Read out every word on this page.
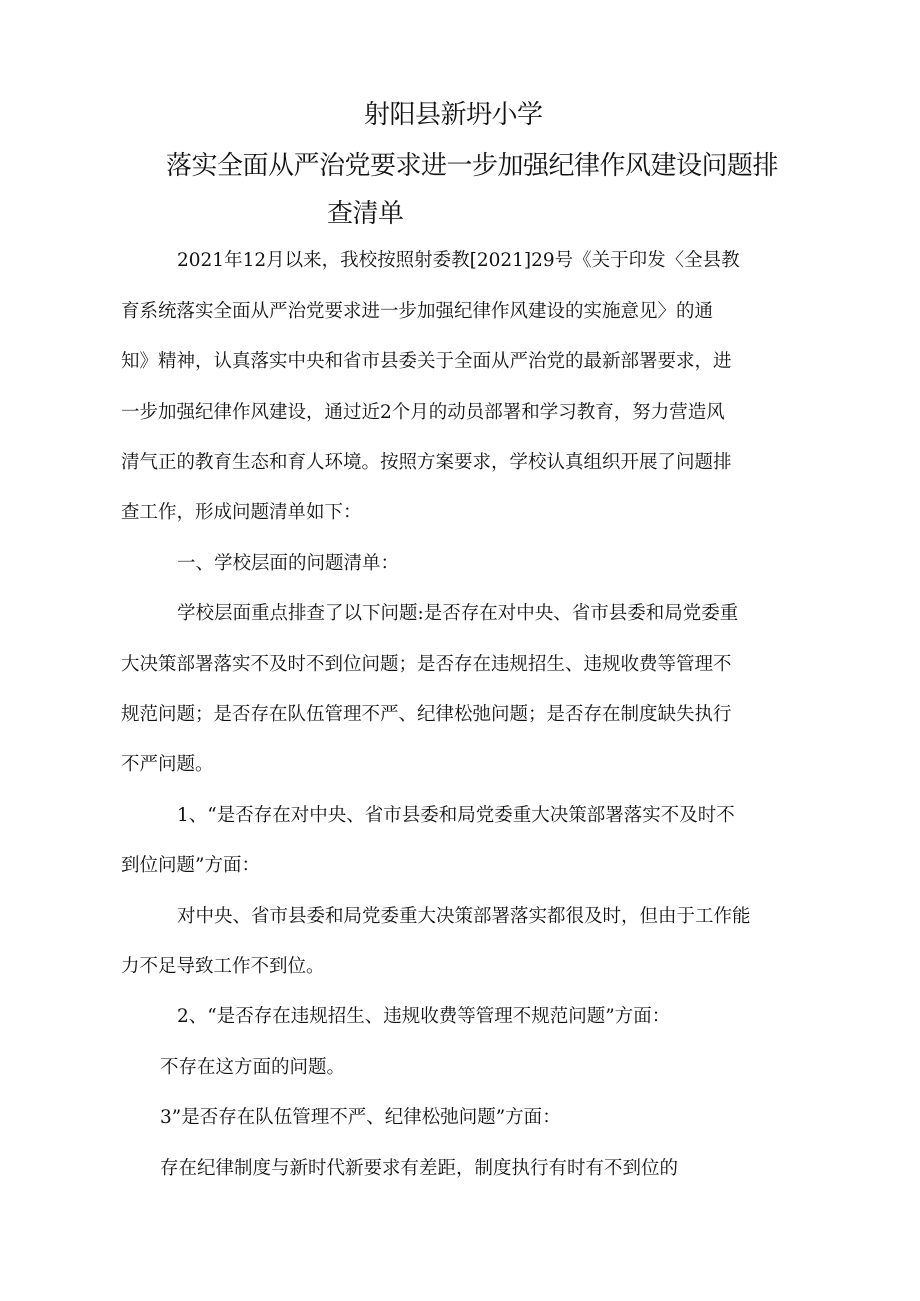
射阳县新坍小学
落实全面从严治党要求进一步加强纪律作风建设问题排
查清单
2021年12月以来，我校按照射委教[2021]29号《关于印发〈全县教
育系统落实全面从严治党要求进一步加强纪律作风建设的实施意见〉的通
知》精神，认真落实中央和省市县委关于全面从严治党的最新部署要求，进
一步加强纪律作风建设，通过近2个月的动员部署和学习教育，努力营造风
清气正的教育生态和育人环境。按照方案要求，学校认真组织开展了问题排
查工作，形成问题清单如下：
一、学校层面的问题清单：
学校层面重点排查了以下问题:是否存在对中央、省市县委和局党委重
大决策部署落实不及时不到位问题；是否存在违规招生、违规收费等管理不
规范问题；是否存在队伍管理不严、纪律松弛问题；是否存在制度缺失执行
不严问题。
1、“是否存在对中央、省市县委和局党委重大决策部署落实不及时不
到位问题”方面：
对中央、省市县委和局党委重大决策部署落实都很及时，但由于工作能
力不足导致工作不到位。
2、“是否存在违规招生、违规收费等管理不规范问题”方面：
不存在这方面的问题。
3”是否存在队伍管理不严、纪律松弛问题”方面：
存在纪律制度与新时代新要求有差距，制度执行有时有不到位的
